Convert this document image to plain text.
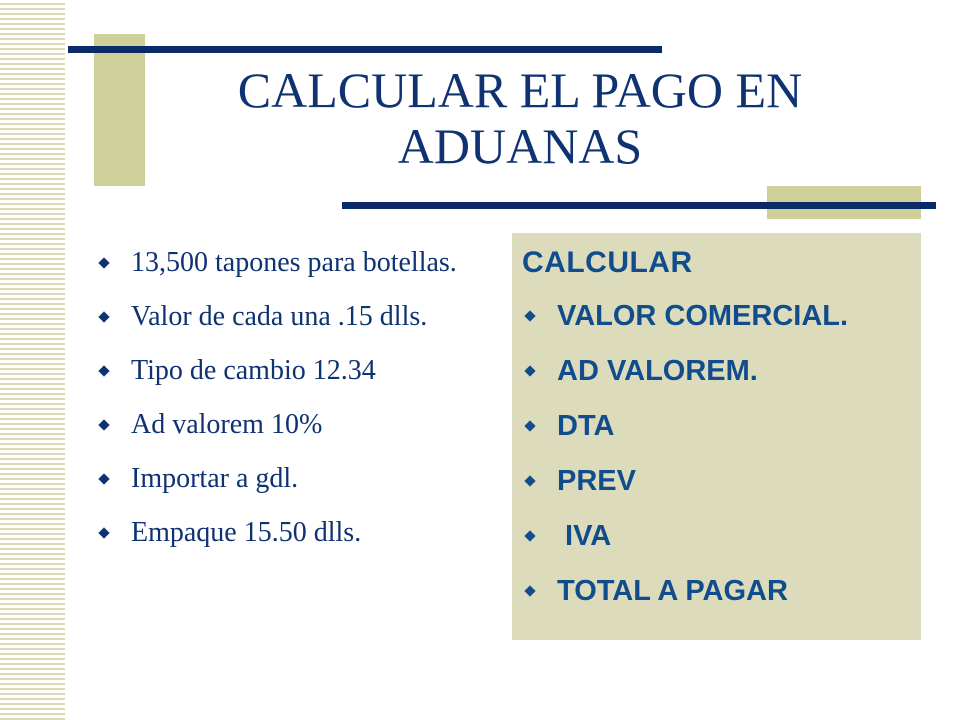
CALCULAR EL PAGO EN
ADUANAS
13,500 tapones para botellas.
Valor de cada una .15 dlls.
Tipo de cambio 12.34
Ad valorem 10%
Importar a gdl.
Empaque 15.50 dlls.
CALCULAR
VALOR COMERCIAL.
AD VALOREM.
DTA
PREV
IVA
TOTAL A PAGAR
